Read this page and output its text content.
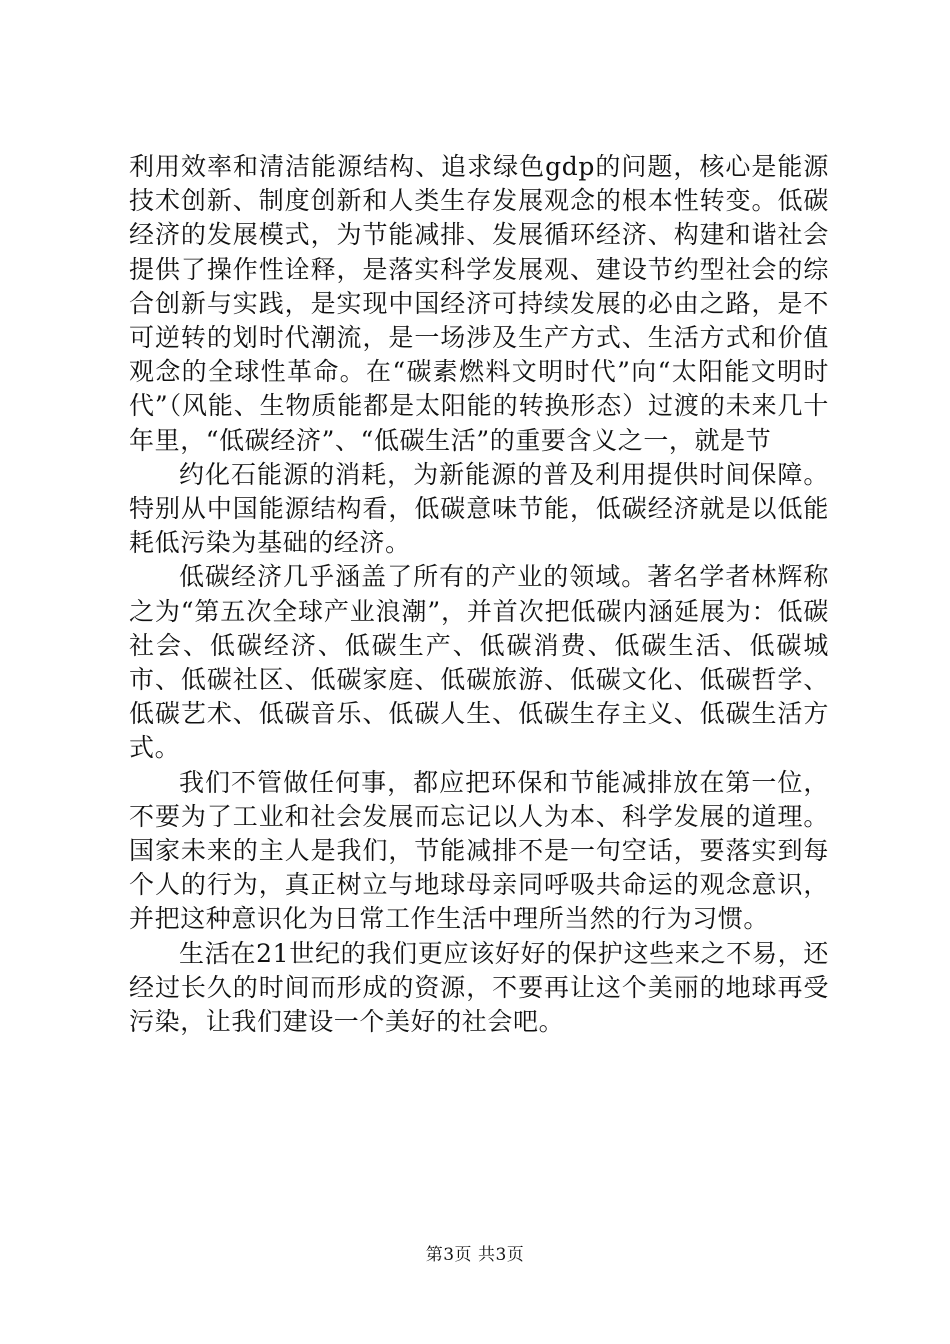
利用效率和清洁能源结构、追求绿色gdp的问题，核心是能源技术创新、制度创新和人类生存发展观念的根本性转变。低碳经济的发展模式，为节能减排、发展循环经济、构建和谐社会提供了操作性诠释，是落实科学发展观、建设节约型社会的综合创新与实践，是实现中国经济可持续发展的必由之路，是不可逆转的划时代潮流，是一场涉及生产方式、生活方式和价值观念的全球性革命。在“碳素燃料文明时代”向“太阳能文明时代”（风能、生物质能都是太阳能的转换形态）过渡的未来几十年里，“低碳经济”、“低碳生活”的重要含义之一，就是节

约化石能源的消耗，为新能源的普及利用提供时间保障。特别从中国能源结构看，低碳意味节能，低碳经济就是以低能耗低污染为基础的经济。

低碳经济几乎涵盖了所有的产业的领域。著名学者林辉称之为“第五次全球产业浪潮”，并首次把低碳内涵延展为：低碳社会、低碳经济、低碳生产、低碳消费、低碳生活、低碳城市、低碳社区、低碳家庭、低碳旅游、低碳文化、低碳哲学、低碳艺术、低碳音乐、低碳人生、低碳生存主义、低碳生活方式。

我们不管做任何事，都应把环保和节能减排放在第一位，不要为了工业和社会发展而忘记以人为本、科学发展的道理。国家未来的主人是我们，节能减排不是一句空话，要落实到每个人的行为，真正树立与地球母亲同呼吸共命运的观念意识，并把这种意识化为日常工作生活中理所当然的行为习惯。

生活在21世纪的我们更应该好好的保护这些来之不易，还经过长久的时间而形成的资源，不要再让这个美丽的地球再受污染，让我们建设一个美好的社会吧。

第3页 共3页
